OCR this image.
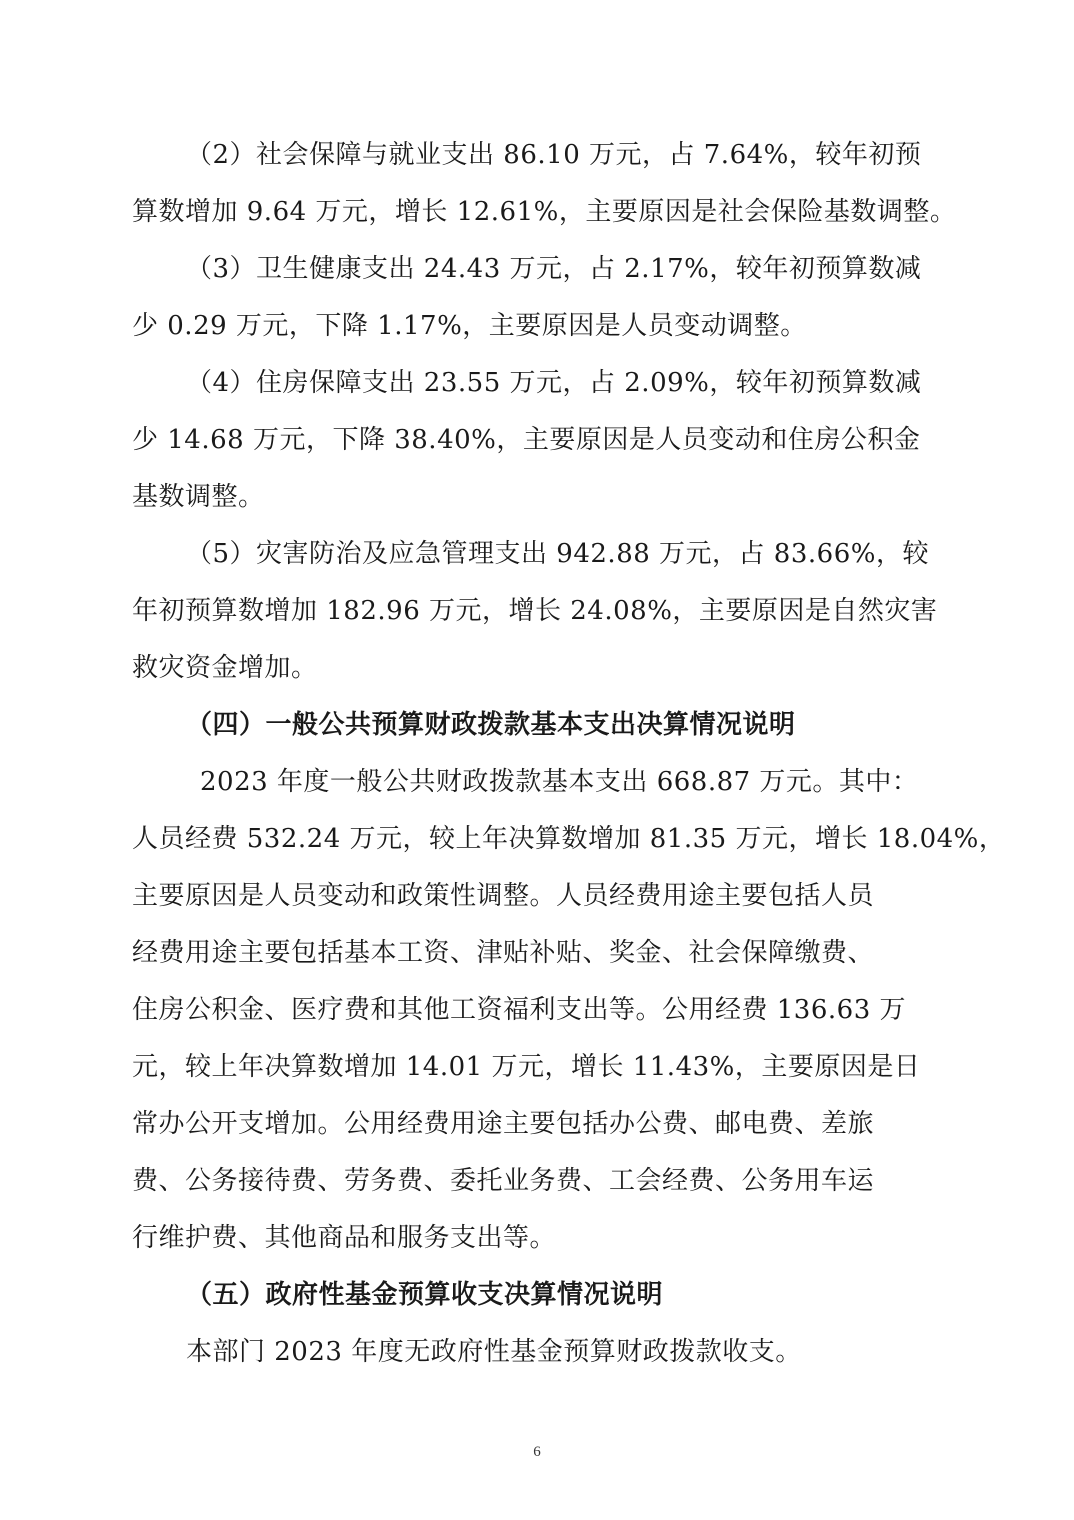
（2）社会保障与就业支出 86.10 万元，占 7.64%，较年初预
算数增加 9.64 万元，增长 12.61%，主要原因是社会保险基数调整。
（3）卫生健康支出 24.43 万元，占 2.17%，较年初预算数减
少 0.29 万元，下降 1.17%，主要原因是人员变动调整。
（4）住房保障支出 23.55 万元，占 2.09%，较年初预算数减
少 14.68 万元，下降 38.40%，主要原因是人员变动和住房公积金
基数调整。
（5）灾害防治及应急管理支出 942.88 万元，占 83.66%，较
年初预算数增加 182.96 万元，增长 24.08%，主要原因是自然灾害
救灾资金增加。
（四）一般公共预算财政拨款基本支出决算情况说明
2023 年度一般公共财政拨款基本支出 668.87 万元。其中：
人员经费 532.24 万元，较上年决算数增加 81.35 万元，增长 18.04%，
主要原因是人员变动和政策性调整。人员经费用途主要包括人员
经费用途主要包括基本工资、津贴补贴、奖金、社会保障缴费、
住房公积金、医疗费和其他工资福利支出等。公用经费 136.63 万
元，较上年决算数增加 14.01 万元，增长 11.43%，主要原因是日
常办公开支增加。公用经费用途主要包括办公费、邮电费、差旅
费、公务接待费、劳务费、委托业务费、工会经费、公务用车运
行维护费、其他商品和服务支出等。
（五）政府性基金预算收支决算情况说明
本部门 2023 年度无政府性基金预算财政拨款收支。
6
